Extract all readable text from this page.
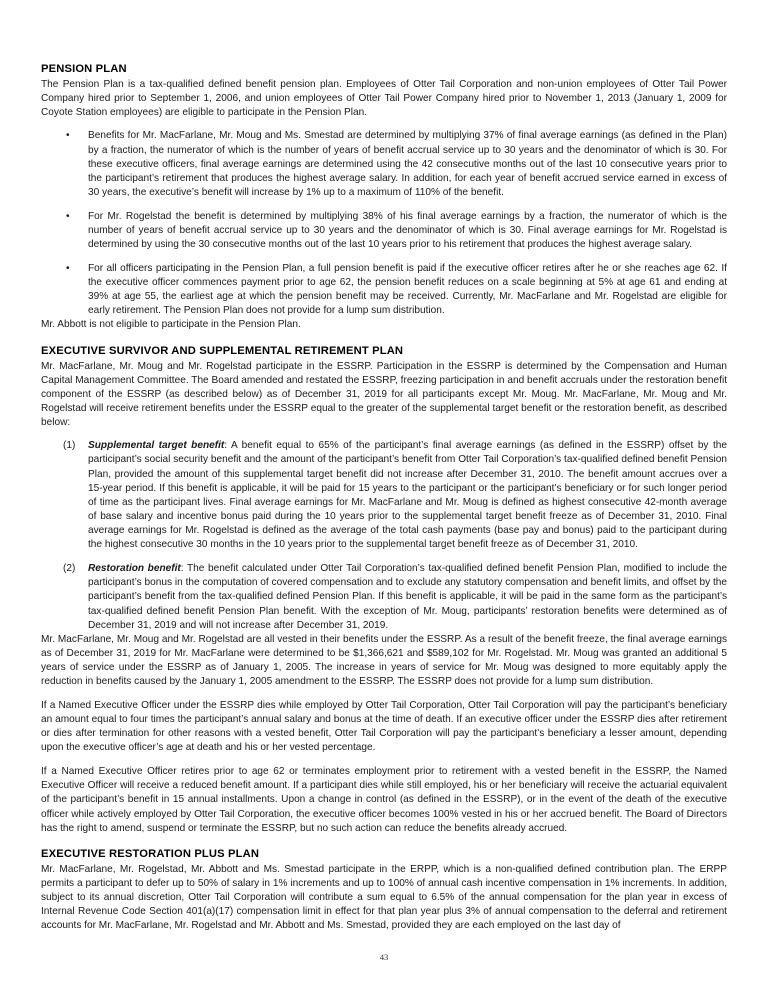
PENSION PLAN

The Pension Plan is a tax-qualified defined benefit pension plan. Employees of Otter Tail Corporation and non-union employees of Otter Tail Power Company hired prior to September 1, 2006, and union employees of Otter Tail Power Company hired prior to November 1, 2013 (January 1, 2009 for Coyote Station employees) are eligible to participate in the Pension Plan.

• Benefits for Mr. MacFarlane, Mr. Moug and Ms. Smestad are determined by multiplying 37% of final average earnings (as defined in the Plan) by a fraction, the numerator of which is the number of years of benefit accrual service up to 30 years and the denominator of which is 30. For these executive officers, final average earnings are determined using the 42 consecutive months out of the last 10 consecutive years prior to the participant’s retirement that produces the highest average salary. In addition, for each year of benefit accrued service earned in excess of 30 years, the executive’s benefit will increase by 1% up to a maximum of 110% of the benefit.
• For Mr. Rogelstad the benefit is determined by multiplying 38% of his final average earnings by a fraction, the numerator of which is the number of years of benefit accrual service up to 30 years and the denominator of which is 30. Final average earnings for Mr. Rogelstad is determined by using the 30 consecutive months out of the last 10 years prior to his retirement that produces the highest average salary.
• For all officers participating in the Pension Plan, a full pension benefit is paid if the executive officer retires after he or she reaches age 62. If the executive officer commences payment prior to age 62, the pension benefit reduces on a scale beginning at 5% at age 61 and ending at 39% at age 55, the earliest age at which the pension benefit may be received. Currently, Mr. MacFarlane and Mr. Rogelstad are eligible for early retirement. The Pension Plan does not provide for a lump sum distribution.

Mr. Abbott is not eligible to participate in the Pension Plan.

EXECUTIVE SURVIVOR AND SUPPLEMENTAL RETIREMENT PLAN

Mr. MacFarlane, Mr. Moug and Mr. Rogelstad participate in the ESSRP. Participation in the ESSRP is determined by the Compensation and Human Capital Management Committee. The Board amended and restated the ESSRP, freezing participation in and benefit accruals under the restoration benefit component of the ESSRP (as described below) as of December 31, 2019 for all participants except Mr. Moug. Mr. MacFarlane, Mr. Moug and Mr. Rogelstad will receive retirement benefits under the ESSRP equal to the greater of the supplemental target benefit or the restoration benefit, as described below:

(1) Supplemental target benefit: A benefit equal to 65% of the participant’s final average earnings (as defined in the ESSRP) offset by the participant’s social security benefit and the amount of the participant’s benefit from Otter Tail Corporation’s tax-qualified defined benefit Pension Plan, provided the amount of this supplemental target benefit did not increase after December 31, 2010. The benefit amount accrues over a 15-year period. If this benefit is applicable, it will be paid for 15 years to the participant or the participant’s beneficiary or for such longer period of time as the participant lives. Final average earnings for Mr. MacFarlane and Mr. Moug is defined as highest consecutive 42-month average of base salary and incentive bonus paid during the 10 years prior to the supplemental target benefit freeze as of December 31, 2010. Final average earnings for Mr. Rogelstad is defined as the average of the total cash payments (base pay and bonus) paid to the participant during the highest consecutive 30 months in the 10 years prior to the supplemental target benefit freeze as of December 31, 2010.
(2) Restoration benefit: The benefit calculated under Otter Tail Corporation’s tax-qualified defined benefit Pension Plan, modified to include the participant’s bonus in the computation of covered compensation and to exclude any statutory compensation and benefit limits, and offset by the participant’s benefit from the tax-qualified defined Pension Plan. If this benefit is applicable, it will be paid in the same form as the participant’s tax-qualified defined benefit Pension Plan benefit. With the exception of Mr. Moug, participants’ restoration benefits were determined as of December 31, 2019 and will not increase after December 31, 2019.

Mr. MacFarlane, Mr. Moug and Mr. Rogelstad are all vested in their benefits under the ESSRP. As a result of the benefit freeze, the final average earnings as of December 31, 2019 for Mr. MacFarlane were determined to be $1,366,621 and $589,102 for Mr. Rogelstad. Mr. Moug was granted an additional 5 years of service under the ESSRP as of January 1, 2005. The increase in years of service for Mr. Moug was designed to more equitably apply the reduction in benefits caused by the January 1, 2005 amendment to the ESSRP. The ESSRP does not provide for a lump sum distribution.

If a Named Executive Officer under the ESSRP dies while employed by Otter Tail Corporation, Otter Tail Corporation will pay the participant’s beneficiary an amount equal to four times the participant’s annual salary and bonus at the time of death. If an executive officer under the ESSRP dies after retirement or dies after termination for other reasons with a vested benefit, Otter Tail Corporation will pay the participant’s beneficiary a lesser amount, depending upon the executive officer’s age at death and his or her vested percentage.

If a Named Executive Officer retires prior to age 62 or terminates employment prior to retirement with a vested benefit in the ESSRP, the Named Executive Officer will receive a reduced benefit amount. If a participant dies while still employed, his or her beneficiary will receive the actuarial equivalent of the participant’s benefit in 15 annual installments. Upon a change in control (as defined in the ESSRP), or in the event of the death of the executive officer while actively employed by Otter Tail Corporation, the executive officer becomes 100% vested in his or her accrued benefit. The Board of Directors has the right to amend, suspend or terminate the ESSRP, but no such action can reduce the benefits already accrued.

EXECUTIVE RESTORATION PLUS PLAN

Mr. MacFarlane, Mr. Rogelstad, Mr. Abbott and Ms. Smestad participate in the ERPP, which is a non-qualified defined contribution plan. The ERPP permits a participant to defer up to 50% of salary in 1% increments and up to 100% of annual cash incentive compensation in 1% increments. In addition, subject to its annual discretion, Otter Tail Corporation will contribute a sum equal to 6.5% of the annual compensation for the plan year in excess of Internal Revenue Code Section 401(a)(17) compensation limit in effect for that plan year plus 3% of annual compensation to the deferral and retirement accounts for Mr. MacFarlane, Mr. Rogelstad and Mr. Abbott and Ms. Smestad, provided they are each employed on the last day of

43
